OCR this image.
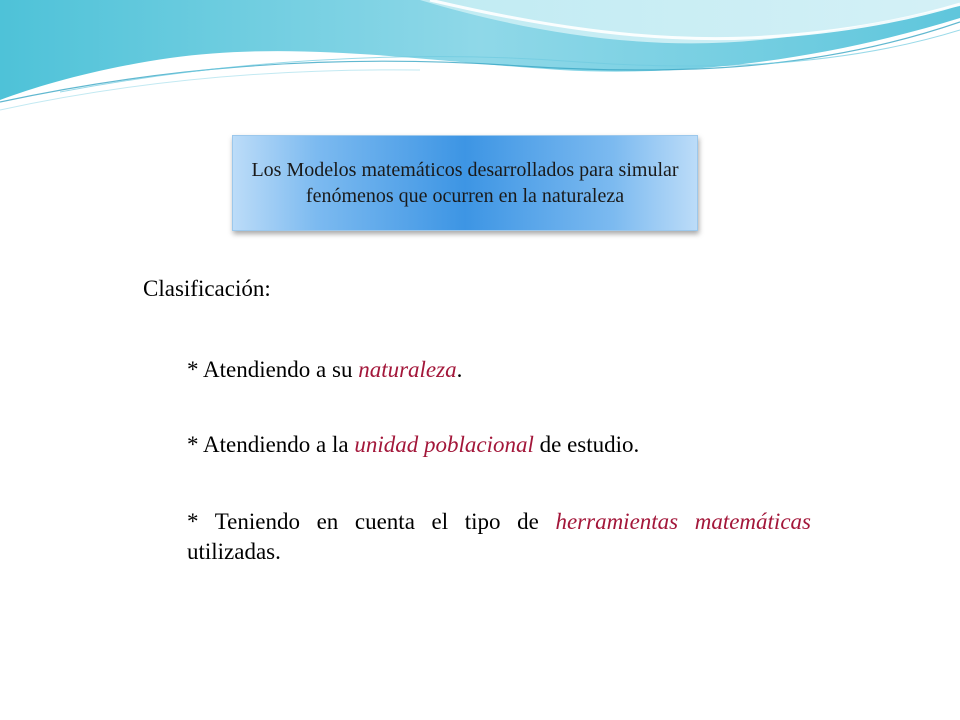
Los Modelos matemáticos desarrollados para simular fenómenos que ocurren en la naturaleza
Clasificación:
* Atendiendo a su naturaleza.
* Atendiendo a la unidad poblacional de estudio.
* Teniendo en cuenta el tipo de herramientas matemáticas utilizadas.
